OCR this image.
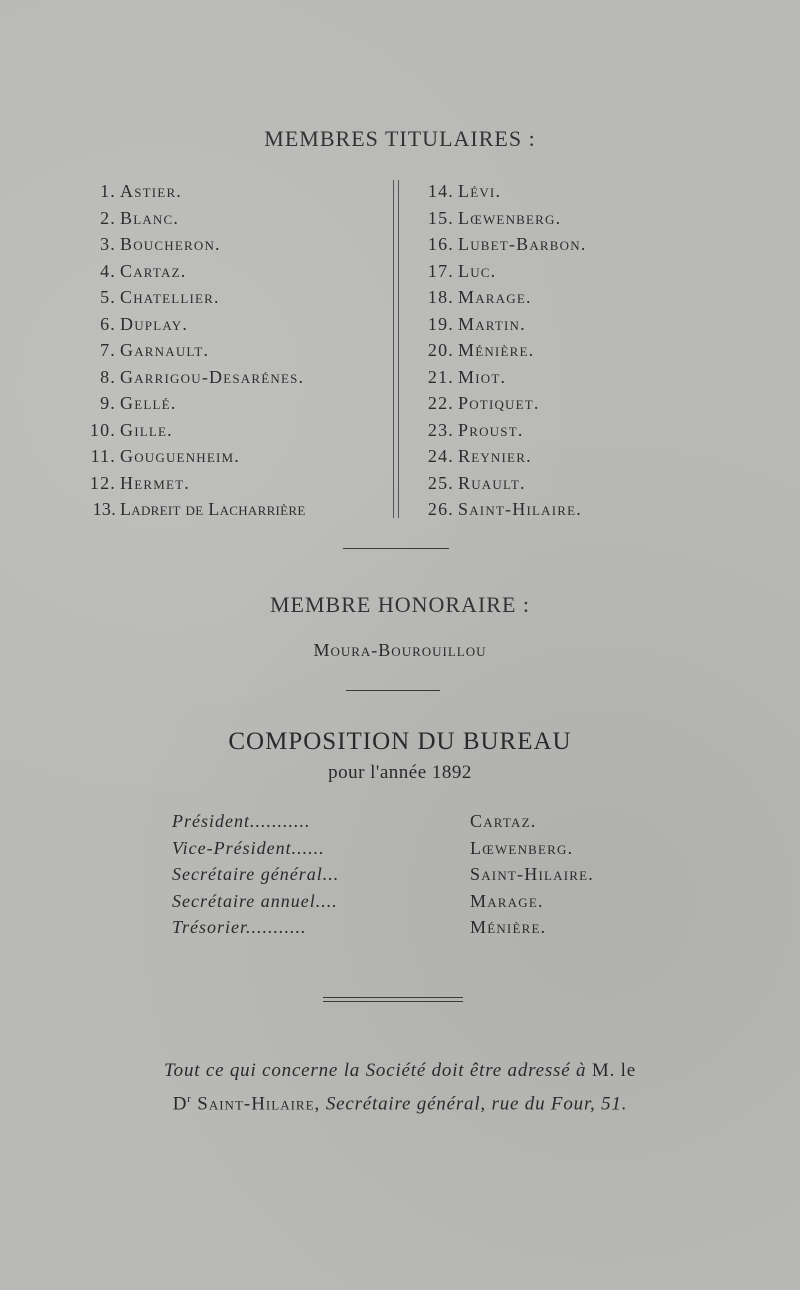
MEMBRES TITULAIRES :
1. Astier.
2. Blanc.
3. Boucheron.
4. Cartaz.
5. Chatellier.
6. Duplay.
7. Garnault.
8. Garrigou-Desarénes.
9. Gellé.
10. Gille.
11. Gouguenheim.
12. Hermet.
13. Ladreit de Lacharrière
14. Lévi.
15. Lœwenberg.
16. Lubet-Barbon.
17. Luc.
18. Marage.
19. Martin.
20. Ménière.
21. Miot.
22. Potiquet.
23. Proust.
24. Reynier.
25. Ruault.
26. Saint-Hilaire.
MEMBRE HONORAIRE :
Moura-Bourouillou
COMPOSITION DU BUREAU
pour l'année 1892
Président...........	Cartaz.
Vice-Président......	Lœwenberg.
Secrétaire général...	Saint-Hilaire.
Secrétaire annuel....	Marage.
Trésorier...........	Ménière.
Tout ce qui concerne la Société doit être adressé à M. le
$D^r$ Saint-Hilaire, Secrétaire général, rue du Four, 51.
